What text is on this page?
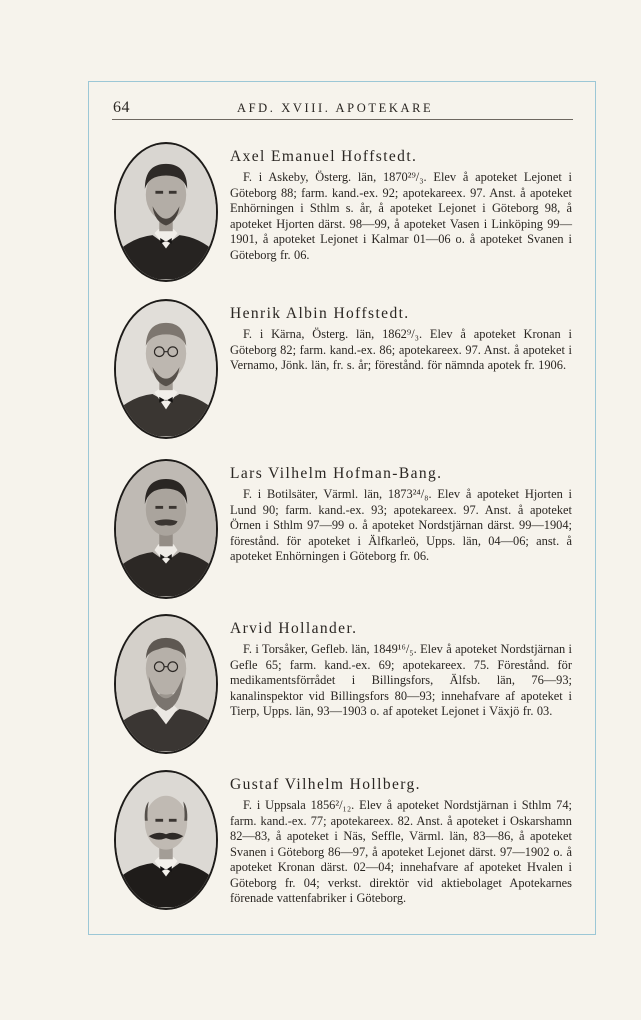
64	AFD. XVIII. APOTEKARE

Axel Emanuel Hoffstedt.

F. i Askeby, Österg. län, 1870²⁹/₃. Elev å apoteket Lejonet i Göteborg 88; farm. kand.-ex. 92; apotekareex. 97. Anst. å apoteket Enhörningen i Sthlm s. år, å apoteket Lejonet i Göteborg 98, å apoteket Hjorten därst. 98—99, å apoteket Vasen i Linköping 99—1901, å apoteket Lejonet i Kalmar 01—06 o. å apoteket Svanen i Göteborg fr. 06.

Henrik Albin Hoffstedt.

F. i Kärna, Österg. län, 1862⁹/₃. Elev å apoteket Kronan i Göteborg 82; farm. kand.-ex. 86; apotekareex. 97. Anst. å apoteket i Vernamo, Jönk. län, fr. s. år; förestånd. för nämnda apotek fr. 1906.

Lars Vilhelm Hofman-Bang.

F. i Botilsäter, Värml. län, 1873²⁴/₈. Elev å apoteket Hjorten i Lund 90; farm. kand.-ex. 93; apotekareex. 97. Anst. å apoteket Örnen i Sthlm 97—99 o. å apoteket Nordstjärnan därst. 99—1904; förestånd. för apoteket i Älfkarleö, Upps. län, 04—06; anst. å apoteket Enhörningen i Göteborg fr. 06.

Arvid Hollander.

F. i Torsåker, Gefleb. län, 1849¹⁶/₅. Elev å apoteket Nordstjärnan i Gefle 65; farm. kand.-ex. 69; apotekareex. 75. Förestånd. för medikamentsförrådet i Billingsfors, Älfsb. län, 76—93; kanalinspektor vid Billingsfors 80—93; innehafvare af apoteket i Tierp, Upps. län, 93—1903 o. af apoteket Lejonet i Växjö fr. 03.

Gustaf Vilhelm Hollberg.

F. i Uppsala 1856²/₁₂. Elev å apoteket Nordstjärnan i Sthlm 74; farm. kand.-ex. 77; apotekareex. 82. Anst. å apoteket i Oskarshamn 82—83, å apoteket i Näs, Seffle, Värml. län, 83—86, å apoteket Svanen i Göteborg 86—97, å apoteket Lejonet därst. 97—1902 o. å apoteket Kronan därst. 02—04; innehafvare af apoteket Hvalen i Göteborg fr. 04; verkst. direktör vid aktiebolaget Apotekarnes förenade vattenfabriker i Göteborg.
